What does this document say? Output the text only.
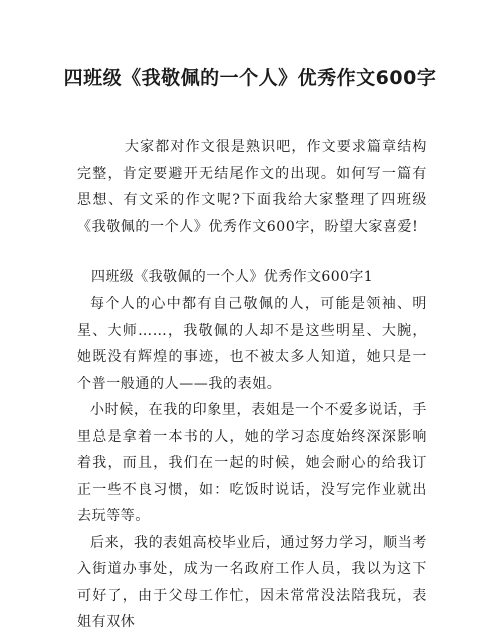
四班级《我敬佩的一个人》优秀作文600字
大家都对作文很是熟识吧，作文要求篇章结构完整，肯定要避开无结尾作文的出现。如何写一篇有思想、有文采的作文呢?下面我给大家整理了四班级《我敬佩的一个人》优秀作文600字，盼望大家喜爱!
四班级《我敬佩的一个人》优秀作文600字1

每个人的心中都有自己敬佩的人，可能是领袖、明星、大师……，我敬佩的人却不是这些明星、大腕，她既没有辉煌的事迹，也不被太多人知道，她只是一个普一般通的人——我的表姐。

小时候，在我的印象里，表姐是一个不爱多说话，手里总是拿着一本书的人，她的学习态度始终深深影响着我，而且，我们在一起的时候，她会耐心的给我订正一些不良习惯，如：吃饭时说话，没写完作业就出去玩等等。

后来，我的表姐高校毕业后，通过努力学习，顺当考入街道办事处，成为一名政府工作人员，我以为这下可好了，由于父母工作忙，因未常常没法陪我玩，表姐有双休
